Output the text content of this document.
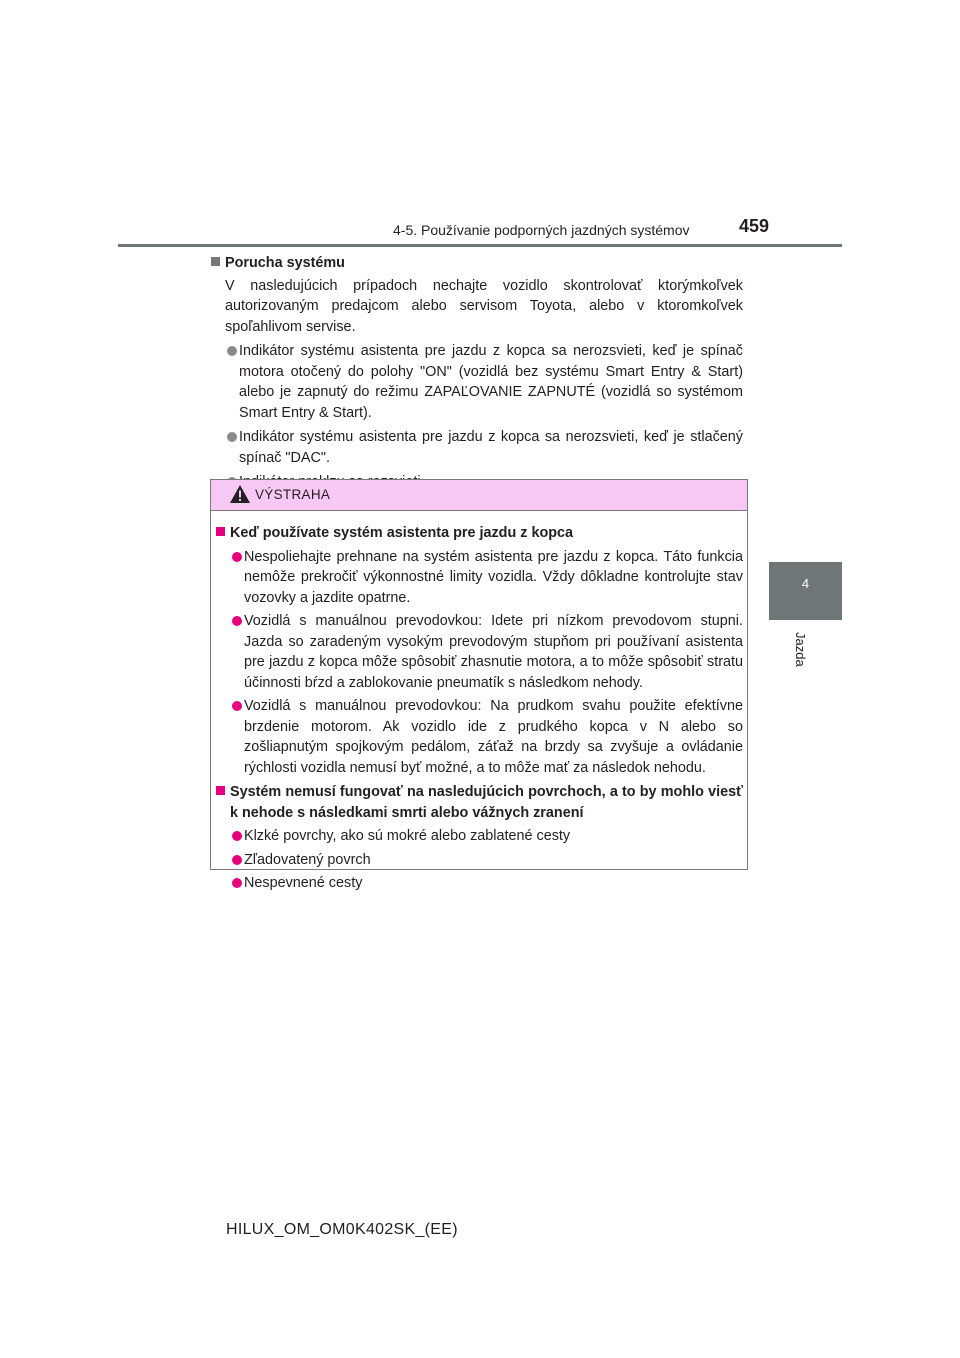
4-5. Používanie podporných jazdných systémov	459
4
Jazda
Porucha systému
V nasledujúcich prípadoch nechajte vozidlo skontrolovať ktorýmkoľvek autorizovaným predajcom alebo servisom Toyota, alebo v ktoromkoľvek spoľahlivom servise.
Indikátor systému asistenta pre jazdu z kopca sa nerozsvieti, keď je spínač motora otočený do polohy "ON" (vozidlá bez systému Smart Entry & Start) alebo je zapnutý do režimu ZAPAĽOVANIE ZAPNUTÉ (vozidlá so systémom Smart Entry & Start).
Indikátor systému asistenta pre jazdu z kopca sa nerozsvieti, keď je stlačený spínač "DAC".
VÝSTRAHA
Keď používate systém asistenta pre jazdu z kopca
Nespoliehajte prehnane na systém asistenta pre jazdu z kopca. Táto funkcia nemôže prekročiť výkonnostné limity vozidla. Vždy dôkladne kontrolujte stav vozovky a jazdite opatrne.
Vozidlá s manuálnou prevodovkou: Idete pri nízkom prevodovom stupni. Jazda so zaradeným vysokým prevodovým stupňom pri používaní asistenta pre jazdu z kopca môže spôsobiť zhasnutie motora, a to môže spôsobiť stratu účinnosti bŕzd a zablokovanie pneumatík s následkom nehody.
Vozidlá s manuálnou prevodovkou: Na prudkom svahu použite efektívne brzdenie motorom. Ak vozidlo ide z prudkého kopca v N alebo so zošliapnutým spojkovým pedálom, záťaž na brzdy sa zvyšuje a ovládanie rýchlosti vozidla nemusí byť možné, a to môže mať za následok nehodu.
Systém nemusí fungovať na nasledujúcich povrchoch, a to by mohlo viesť k nehode s následkami smrti alebo vážnych zranení
Klzké povrchy, ako sú mokré alebo zablatené cesty
Zľadovatený povrch
Nespevnené cesty
HILUX_OM_OM0K402SK_(EE)
